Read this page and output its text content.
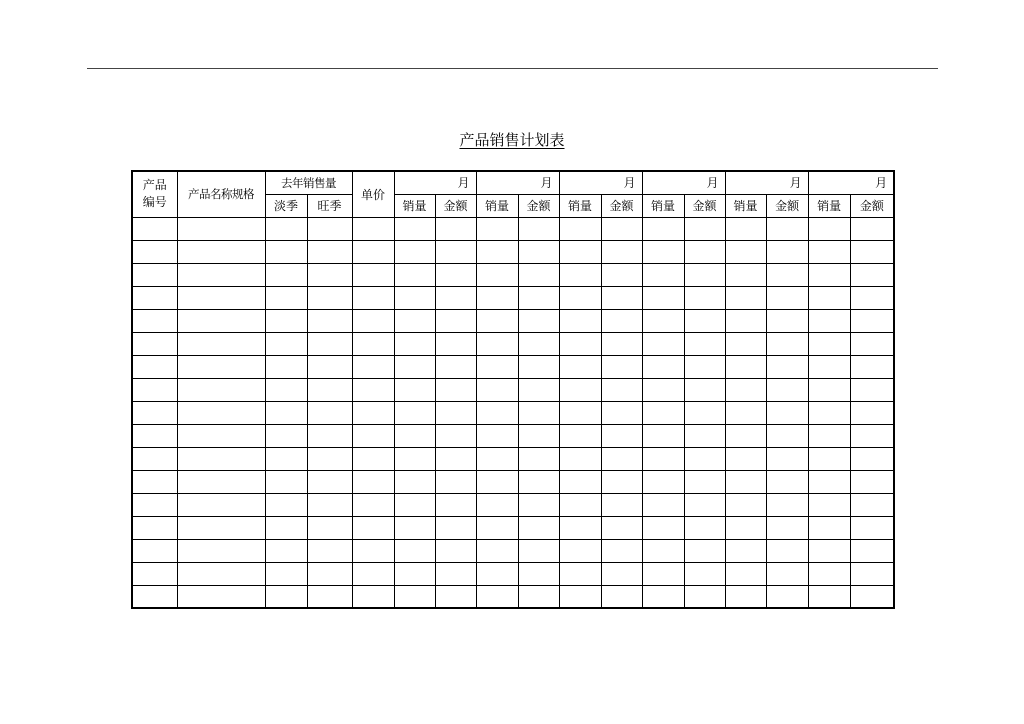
产品销售计划表
产品
编号	产品名称规格	去年销售量		单价	月		月		月		月		月		月	
		淡季	旺季		销量	金额	销量	金额	销量	金额	销量	金额	销量	金额	销量	金额
